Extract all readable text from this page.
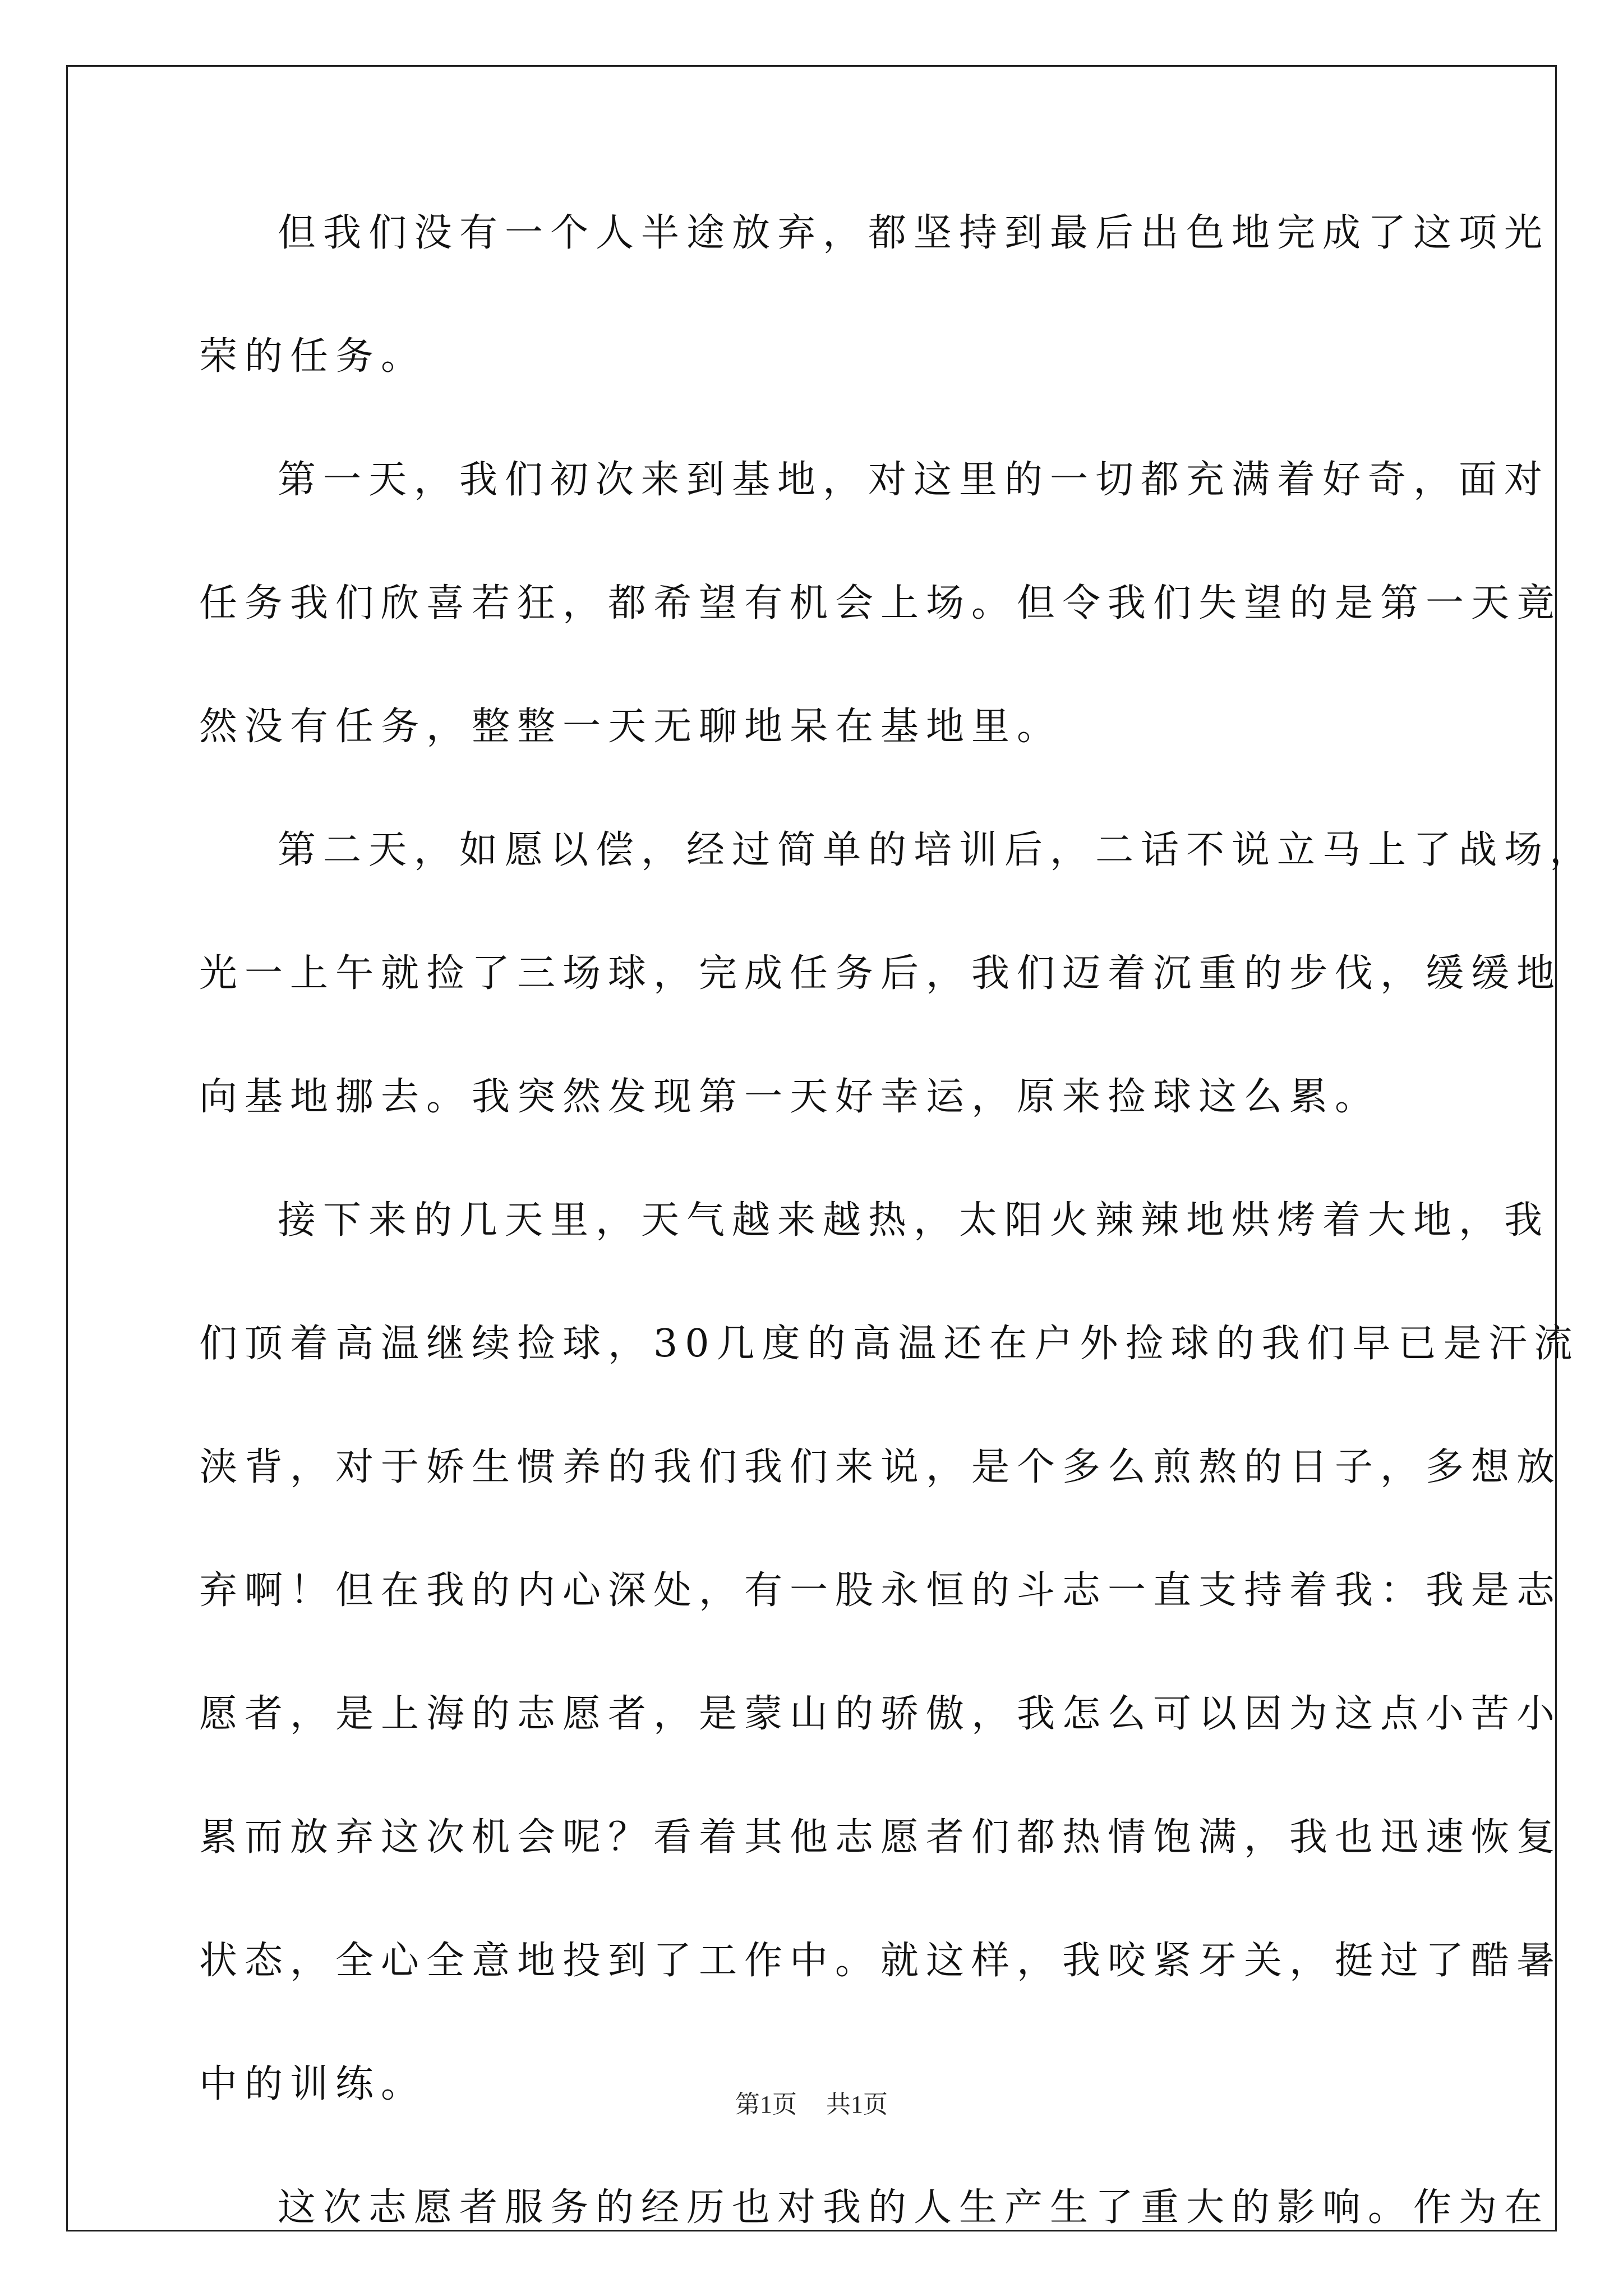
但我们没有一个人半途放弃，都坚持到最后出色地完成了这项光
荣的任务。
第一天，我们初次来到基地，对这里的一切都充满着好奇，面对
任务我们欣喜若狂，都希望有机会上场。但令我们失望的是第一天竟
然没有任务，整整一天无聊地呆在基地里。
第二天，如愿以偿，经过简单的培训后，二话不说立马上了战场，
光一上午就捡了三场球，完成任务后，我们迈着沉重的步伐，缓缓地
向基地挪去。我突然发现第一天好幸运，原来捡球这么累。
接下来的几天里，天气越来越热，太阳火辣辣地烘烤着大地，我
们顶着高温继续捡球，30几度的高温还在户外捡球的我们早已是汗流
浃背，对于娇生惯养的我们我们来说，是个多么煎熬的日子，多想放
弃啊！但在我的内心深处，有一股永恒的斗志一直支持着我：我是志
愿者，是上海的志愿者，是蒙山的骄傲，我怎么可以因为这点小苦小
累而放弃这次机会呢？看着其他志愿者们都热情饱满，我也迅速恢复
状态，全心全意地投到了工作中。就这样，我咬紧牙关，挺过了酷暑
中的训练。
这次志愿者服务的经历也对我的人生产生了重大的影响。作为在
第1页 共1页
